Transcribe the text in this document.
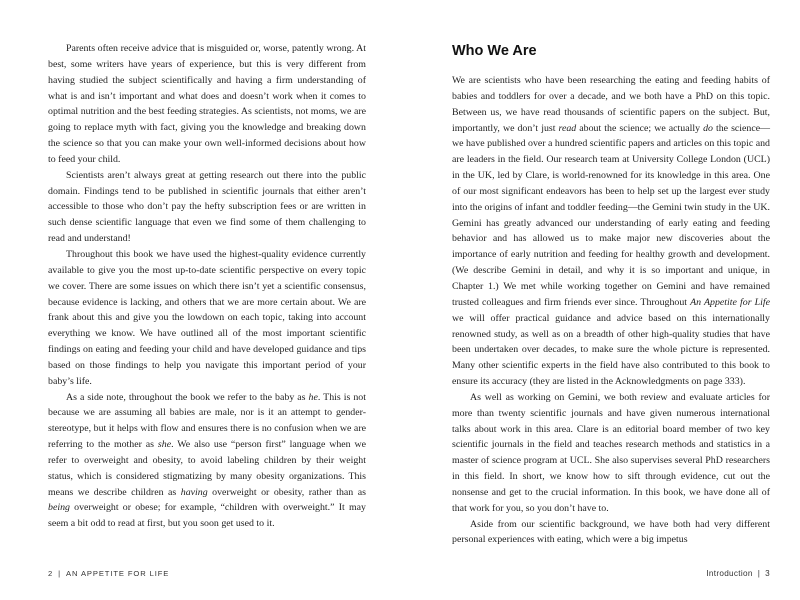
Parents often receive advice that is misguided or, worse, patently wrong. At best, some writers have years of experience, but this is very different from having studied the subject scientifically and having a firm understanding of what is and isn’t important and what does and doesn’t work when it comes to optimal nutrition and the best feeding strategies. As scientists, not moms, we are going to replace myth with fact, giving you the knowledge and breaking down the science so that you can make your own well-informed decisions about how to feed your child.

Scientists aren’t always great at getting research out there into the public domain. Findings tend to be published in scientific journals that either aren’t accessible to those who don’t pay the hefty subscription fees or are written in such dense scientific language that even we find some of them challenging to read and understand!

Throughout this book we have used the highest-quality evidence currently available to give you the most up-to-date scientific perspective on every topic we cover. There are some issues on which there isn’t yet a scientific consensus, because evidence is lacking, and others that we are more certain about. We are frank about this and give you the lowdown on each topic, taking into account everything we know. We have outlined all of the most important scientific findings on eating and feeding your child and have developed guidance and tips based on those findings to help you navigate this important period of your baby’s life.

As a side note, throughout the book we refer to the baby as he. This is not because we are assuming all babies are male, nor is it an attempt to gender-stereotype, but it helps with flow and ensures there is no confusion when we are referring to the mother as she. We also use “person first” language when we refer to overweight and obesity, to avoid labeling children by their weight status, which is considered stigmatizing by many obesity organizations. This means we describe children as having overweight or obesity, rather than as being overweight or obese; for example, “children with overweight.” It may seem a bit odd to read at first, but you soon get used to it.

2 | AN APPETITE FOR LIFE
Who We Are

We are scientists who have been researching the eating and feeding habits of babies and toddlers for over a decade, and we both have a PhD on this topic. Between us, we have read thousands of scientific papers on the subject. But, importantly, we don’t just read about the science; we actually do the science—we have published over a hundred scientific papers and articles on this topic and are leaders in the field. Our research team at University College London (UCL) in the UK, led by Clare, is world-renowned for its knowledge in this area. One of our most significant endeavors has been to help set up the largest ever study into the origins of infant and toddler feeding—the Gemini twin study in the UK. Gemini has greatly advanced our understanding of early eating and feeding behavior and has allowed us to make major new discoveries about the importance of early nutrition and feeding for healthy growth and development. (We describe Gemini in detail, and why it is so important and unique, in Chapter 1.) We met while working together on Gemini and have remained trusted colleagues and firm friends ever since. Throughout An Appetite for Life we will offer practical guidance and advice based on this internationally renowned study, as well as on a breadth of other high-quality studies that have been undertaken over decades, to make sure the whole picture is represented. Many other scientific experts in the field have also contributed to this book to ensure its accuracy (they are listed in the Acknowledgments on page 333).

As well as working on Gemini, we both review and evaluate articles for more than twenty scientific journals and have given numerous international talks about work in this area. Clare is an editorial board member of two key scientific journals in the field and teaches research methods and statistics in a master of science program at UCL. She also supervises several PhD researchers in this field. In short, we know how to sift through evidence, cut out the nonsense and get to the crucial information. In this book, we have done all of that work for you, so you don’t have to.

Aside from our scientific background, we have both had very different personal experiences with eating, which were a big impetus

Introduction | 3
